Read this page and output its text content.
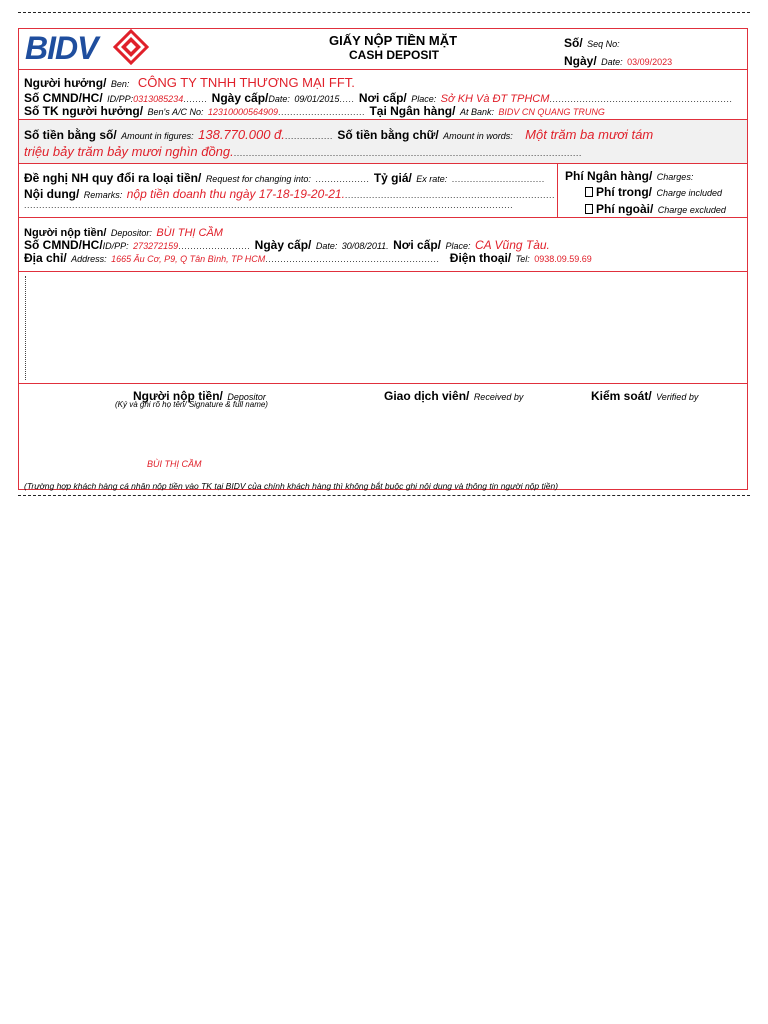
BIDV	GIẤY NỘP TIỀN MẶT
CASH DEPOSIT
Số/ Seq No:
Ngày/ Date: 03/09/2023
Người hưởng/ Ben: CÔNG TY TNHH THƯƠNG MẠI FFT.
Số CMND/HC/ ID/PP:0313085234........ Ngày cấp/Date: 09/01/2015..... Nơi cấp/ Place: Sở KH Và ĐT TPHCM.............................................................
Số TK người hưởng/ Ben's A/C No: 12310000564909............................. Tại Ngân hàng/ At Bank: BIDV CN QUANG TRUNG
Số tiền bằng số/ Amount in figures: 138.770.000 đ................. Số tiền bằng chữ/ Amount in words: Một trăm ba mươi tám
triệu bảy trăm bảy mươi nghìn đồng.....................................................................................................................
Đề nghị NH quy đổi ra loại tiền/ Request for changing into: .................. Tỷ giá/ Ex rate: ...............................
Nội dung/ Remarks: nộp tiền doanh thu ngày 17-18-19-20-21.......................................................................
...................................................................................................................................................................
Phí Ngân hàng/ Charges:
Phí trong/ Charge included
Phí ngoài/ Charge excluded
Người nộp tiền/ Depositor: BÙI THỊ CẦM
Số CMND/HC/ID/PP: 273272159........................ Ngày cấp/ Date: 30/08/2011. Nơi cấp/ Place: CA Vũng Tàu.
Địa chỉ/ Address: 1665 Âu Cơ, P9, Q Tân Bình, TP HCM.......................................................... Điện thoại/ Tel: 0938.09.59.69
Người nộp tiền/ Depositor
(Ký và ghi rõ họ tên/ Signature & full name)
Giao dịch viên/ Received by	Kiểm soát/ Verified by
BÙI THỊ CẦM
(Trường hợp khách hàng cá nhân nộp tiền vào TK tại BIDV của chính khách hàng thì không bắt buộc ghi nội dung và thông tin người nộp tiền)
